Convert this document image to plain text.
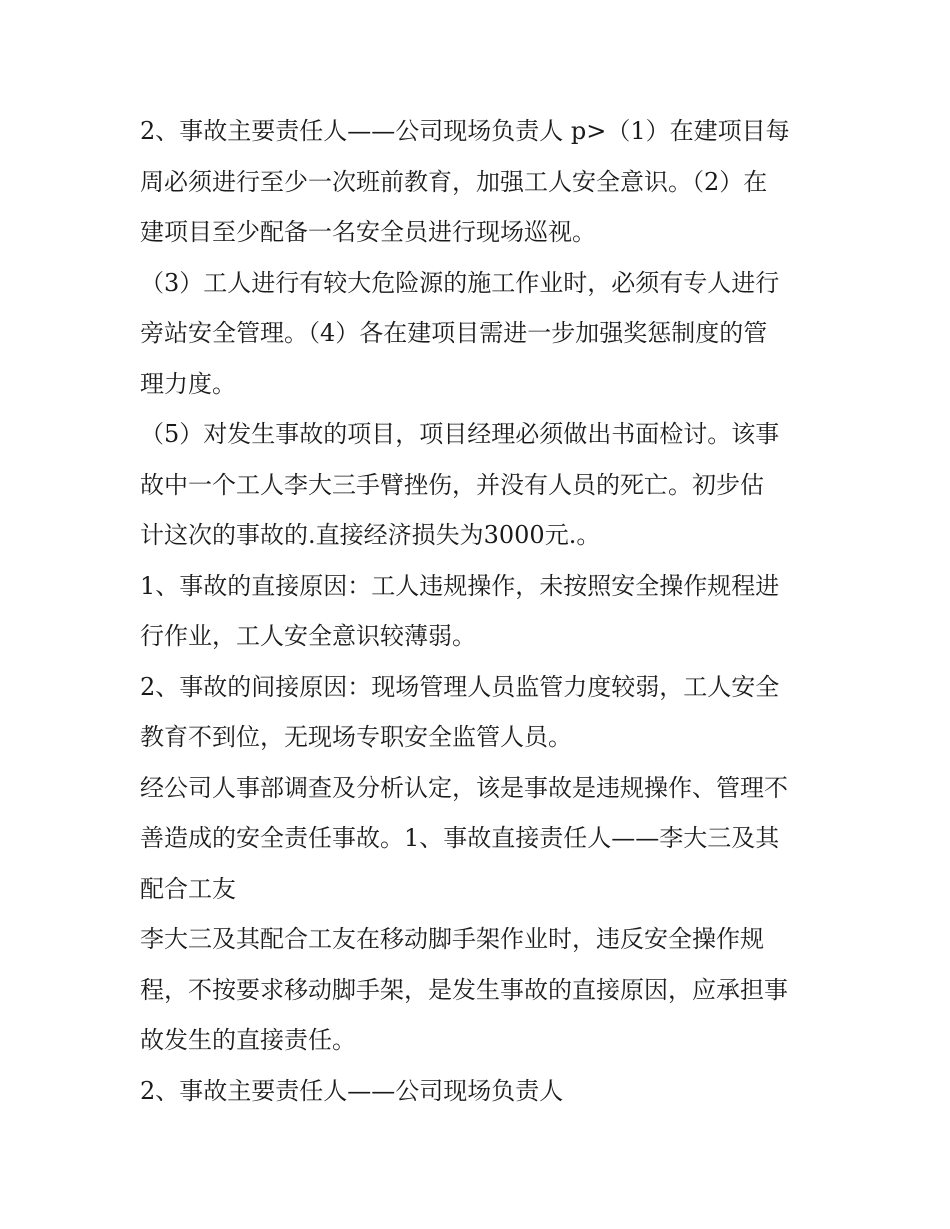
2、事故主要责任人——公司现场负责人 p>（1）在建项目每
周必须进行至少一次班前教育，加强工人安全意识。（2）在
建项目至少配备一名安全员进行现场巡视。
（3）工人进行有较大危险源的施工作业时，必须有专人进行
旁站安全管理。（4）各在建项目需进一步加强奖惩制度的管
理力度。
（5）对发生事故的项目，项目经理必须做出书面检讨。该事
故中一个工人李大三手臂挫伤，并没有人员的死亡。初步估
计这次的事故的.直接经济损失为3000元.。
1、事故的直接原因：工人违规操作，未按照安全操作规程进
行作业，工人安全意识较薄弱。
2、事故的间接原因：现场管理人员监管力度较弱，工人安全
教育不到位，无现场专职安全监管人员。
经公司人事部调查及分析认定，该是事故是违规操作、管理不
善造成的安全责任事故。1、事故直接责任人——李大三及其
配合工友
李大三及其配合工友在移动脚手架作业时，违反安全操作规
程，不按要求移动脚手架，是发生事故的直接原因，应承担事
故发生的直接责任。
2、事故主要责任人——公司现场负责人
